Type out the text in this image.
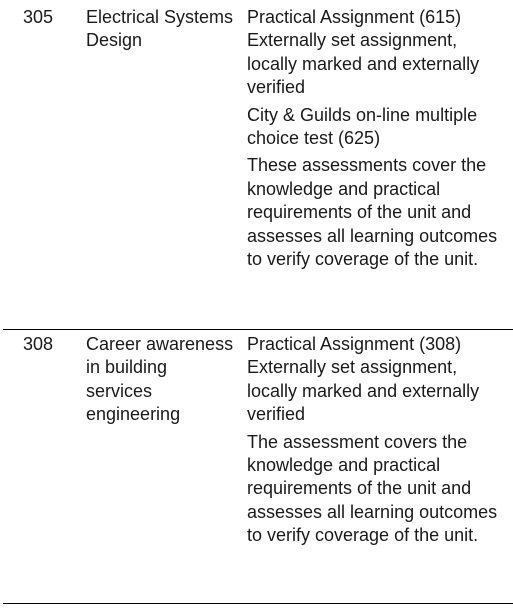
305	Electrical Systems Design
Practical Assignment (615)
Externally set assignment, locally marked and externally verified
City & Guilds on-line multiple choice test (625)
These assessments cover the knowledge and practical requirements of the unit and assesses all learning outcomes to verify coverage of the unit.
308	Career awareness in building services engineering
Practical Assignment (308)
Externally set assignment, locally marked and externally verified
The assessment covers the knowledge and practical requirements of the unit and assesses all learning outcomes to verify coverage of the unit.
